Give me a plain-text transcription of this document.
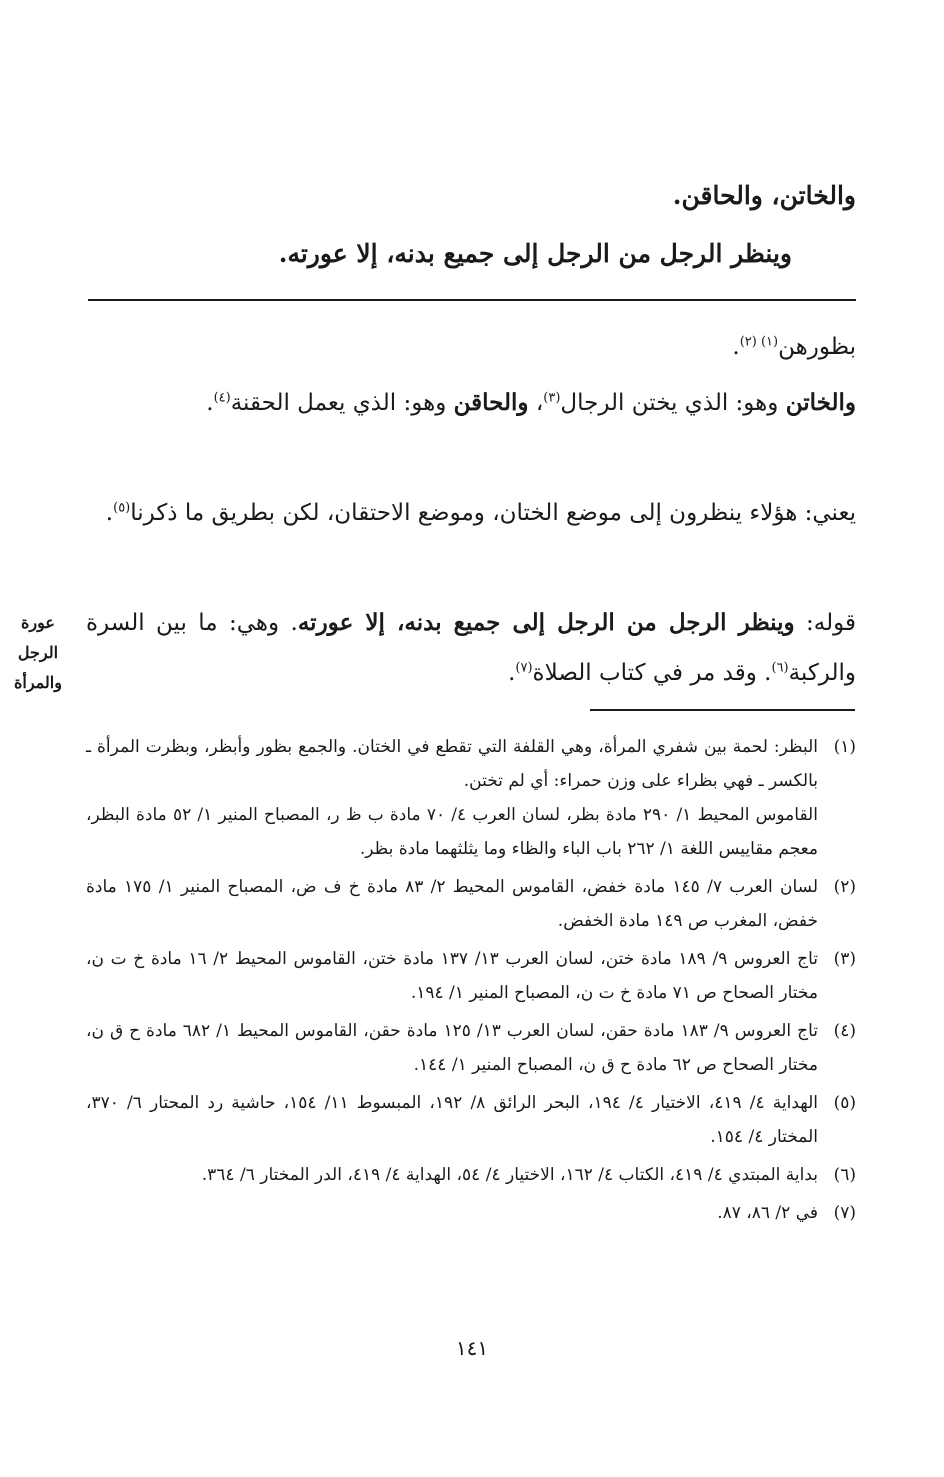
والخاتن، والحاقن.
وينظر الرجل من الرجل إلى جميع بدنه، إلا عورته.
بظورهن$^{(١) (٢)}$.
والخاتن وهو: الذي يختن الرجال$^{(٣)}$، والحاقن وهو: الذي يعمل الحقنة$^{(٤)}$.
يعني: هؤلاء ينظرون إلى موضع الختان، وموضع الاحتقان، لكن بطريق ما ذكرنا$^{(٥)}$.
قوله: وينظر الرجل من الرجل إلى جميع بدنه، إلا عورته. وهي: ما بين السرة والركبة$^{(٦)}$. وقد مر في كتاب الصلاة$^{(٧)}$.
عورة
الرجل
والمرأة
(١)

البظر: لحمة بين شفري المرأة، وهي القلفة التي تقطع في الختان. والجمع بظور وأبظر، وبظرت المرأة ـ بالكسر ـ فهي بظراء على وزن حمراء: أي لم تختن.

القاموس المحيط ١/ ٢٩٠ مادة بظر، لسان العرب ٤/ ٧٠ مادة ب ظ ر، المصباح المنير ١/ ٥٢ مادة البظر، معجم مقاييس اللغة ١/ ٢٦٢ باب الباء والظاء وما يثلثهما مادة بظر.

(٢)

لسان العرب ٧/ ١٤٥ مادة خفض، القاموس المحيط ٢/ ٨٣ مادة خ ف ض، المصباح المنير ١/ ١٧٥ مادة خفض، المغرب ص ١٤٩ مادة الخفض.

(٣)

تاج العروس ٩/ ١٨٩ مادة ختن، لسان العرب ١٣/ ١٣٧ مادة ختن، القاموس المحيط ٢/ ١٦ مادة خ ت ن، مختار الصحاح ص ٧١ مادة خ ت ن، المصباح المنير ١/ ١٩٤.

(٤)

تاج العروس ٩/ ١٨٣ مادة حقن، لسان العرب ١٣/ ١٢٥ مادة حقن، القاموس المحيط ١/ ٦٨٢ مادة ح ق ن، مختار الصحاح ص ٦٢ مادة ح ق ن، المصباح المنير ١/ ١٤٤.

(٥)

الهداية ٤/ ٤١٩، الاختيار ٤/ ١٩٤، البحر الرائق ٨/ ١٩٢، المبسوط ١١/ ١٥٤، حاشية رد المحتار ٦/ ٣٧٠، المختار ٤/ ١٥٤.

(٦)

بداية المبتدي ٤/ ٤١٩، الكتاب ٤/ ١٦٢، الاختيار ٤/ ٥٤، الهداية ٤/ ٤١٩، الدر المختار ٦/ ٣٦٤.

(٧)

في ٢/ ٨٦، ٨٧.

١٤١
